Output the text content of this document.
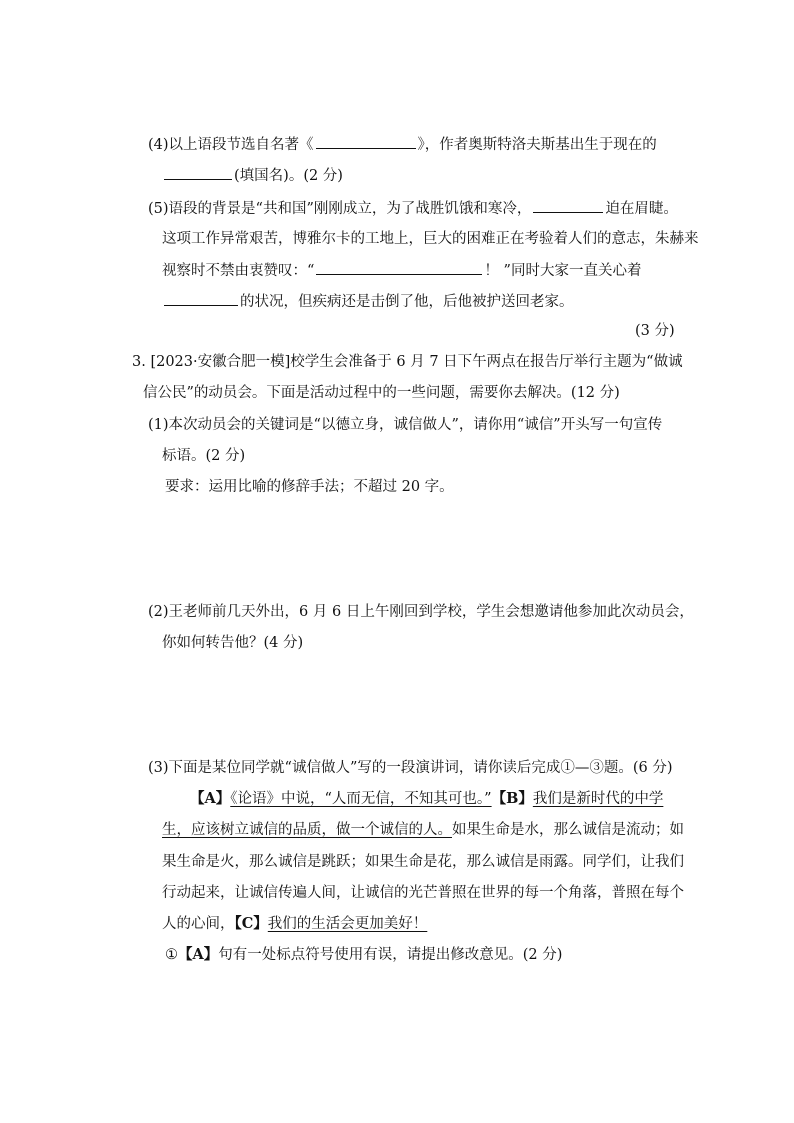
(4)以上语段节选自名著《	》，作者奥斯特洛夫斯基出生于现在的
(填国名)。(2 分)
(5)语段的背景是“共和国”刚刚成立，为了战胜饥饿和寒冷，	迫在眉睫。
这项工作异常艰苦，博雅尔卡的工地上，巨大的困难正在考验着人们的意志，朱赫来
视察时不禁由衷赞叹：“	！ ”同时大家一直关心着
的状况，但疾病还是击倒了他，后他被护送回老家。
(3 分)
3. [2023·安徽合肥一模]校学生会准备于 6 月 7 日下午两点在报告厅举行主题为“做诚
信公民”的动员会。下面是活动过程中的一些问题，需要你去解决。(12 分)
(1)本次动员会的关键词是“以德立身，诚信做人”，请你用“诚信”开头写一句宣传
标语。(2 分)
要求：运用比喻的修辞手法；不超过 20 字。
(2)王老师前几天外出，6 月 6 日上午刚回到学校，学生会想邀请他参加此次动员会，
你如何转告他？(4 分)
(3)下面是某位同学就“诚信做人”写的一段演讲词，请你读后完成①—③题。(6 分)
【A】《论语》中说，“人而无信，不知其可也。”【B】我们是新时代的中学
生，应该树立诚信的品质，做一个诚信的人。如果生命是水，那么诚信是流动；如
果生命是火，那么诚信是跳跃；如果生命是花，那么诚信是雨露。同学们，让我们
行动起来，让诚信传遍人间，让诚信的光芒普照在世界的每一个角落，普照在每个
人的心间，【C】我们的生活会更加美好！
①【A】句有一处标点符号使用有误，请提出修改意见。(2 分)
